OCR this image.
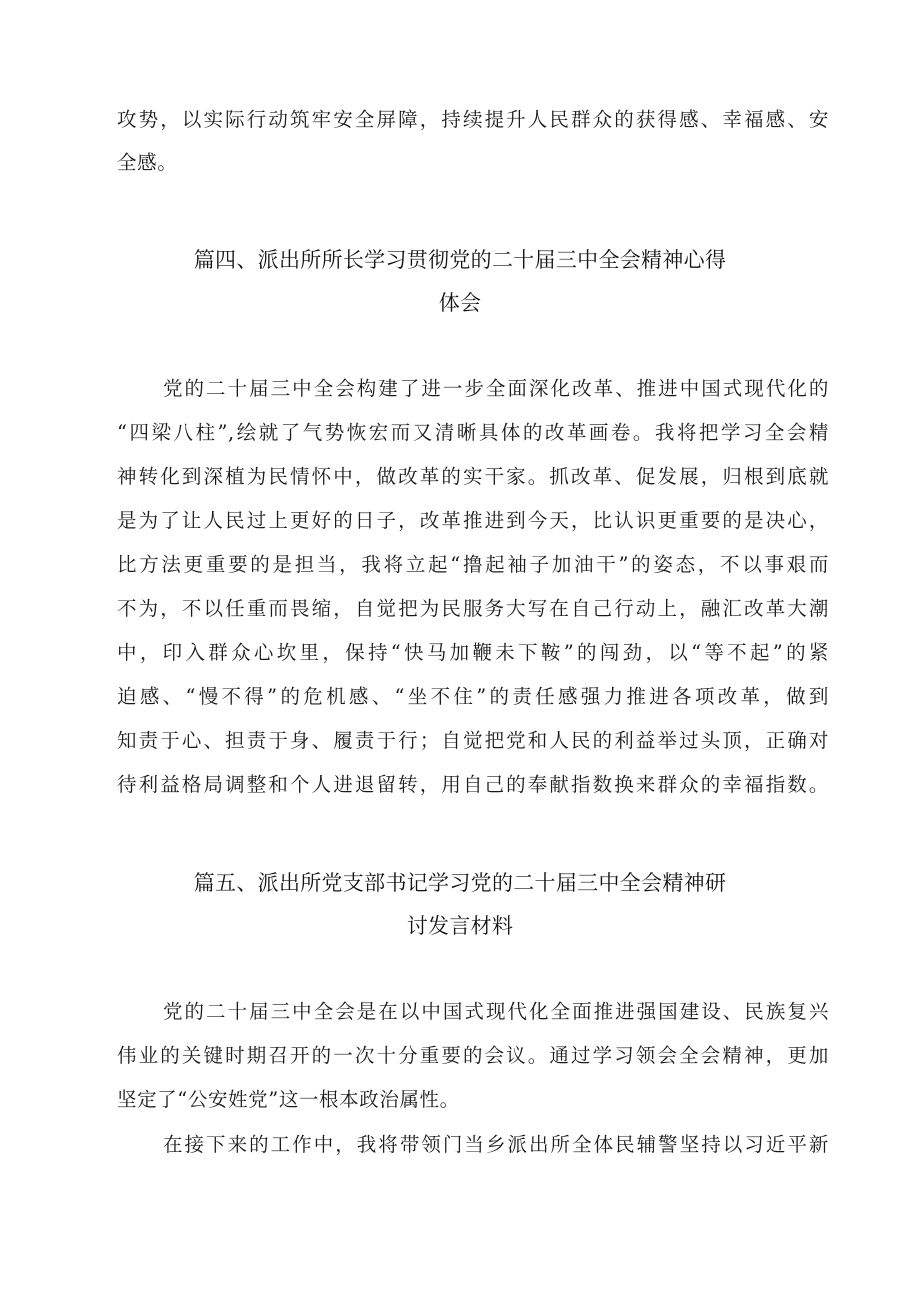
攻势，以实际行动筑牢安全屏障，持续提升人民群众的获得感、幸福感、安
全感。
篇四、派出所所长学习贯彻党的二十届三中全会精神心得
体会
党的二十届三中全会构建了进一步全面深化改革、推进中国式现代化的
“四梁八柱”,绘就了气势恢宏而又清晰具体的改革画卷。我将把学习全会精
神转化到深植为民情怀中，做改革的实干家。抓改革、促发展，归根到底就
是为了让人民过上更好的日子，改革推进到今天，比认识更重要的是决心，
比方法更重要的是担当，我将立起“撸起袖子加油干”的姿态，不以事艰而
不为，不以任重而畏缩，自觉把为民服务大写在自己行动上，融汇改革大潮
中，印入群众心坎里，保持“快马加鞭未下鞍”的闯劲，以“等不起”的紧
迫感、“慢不得”的危机感、“坐不住”的责任感强力推进各项改革，做到
知责于心、担责于身、履责于行；自觉把党和人民的利益举过头顶，正确对
待利益格局调整和个人进退留转，用自己的奉献指数换来群众的幸福指数。
篇五、派出所党支部书记学习党的二十届三中全会精神研
讨发言材料
党的二十届三中全会是在以中国式现代化全面推进强国建设、民族复兴
伟业的关键时期召开的一次十分重要的会议。通过学习领会全会精神，更加
坚定了“公安姓党”这一根本政治属性。
在接下来的工作中，我将带领门当乡派出所全体民辅警坚持以习近平新
